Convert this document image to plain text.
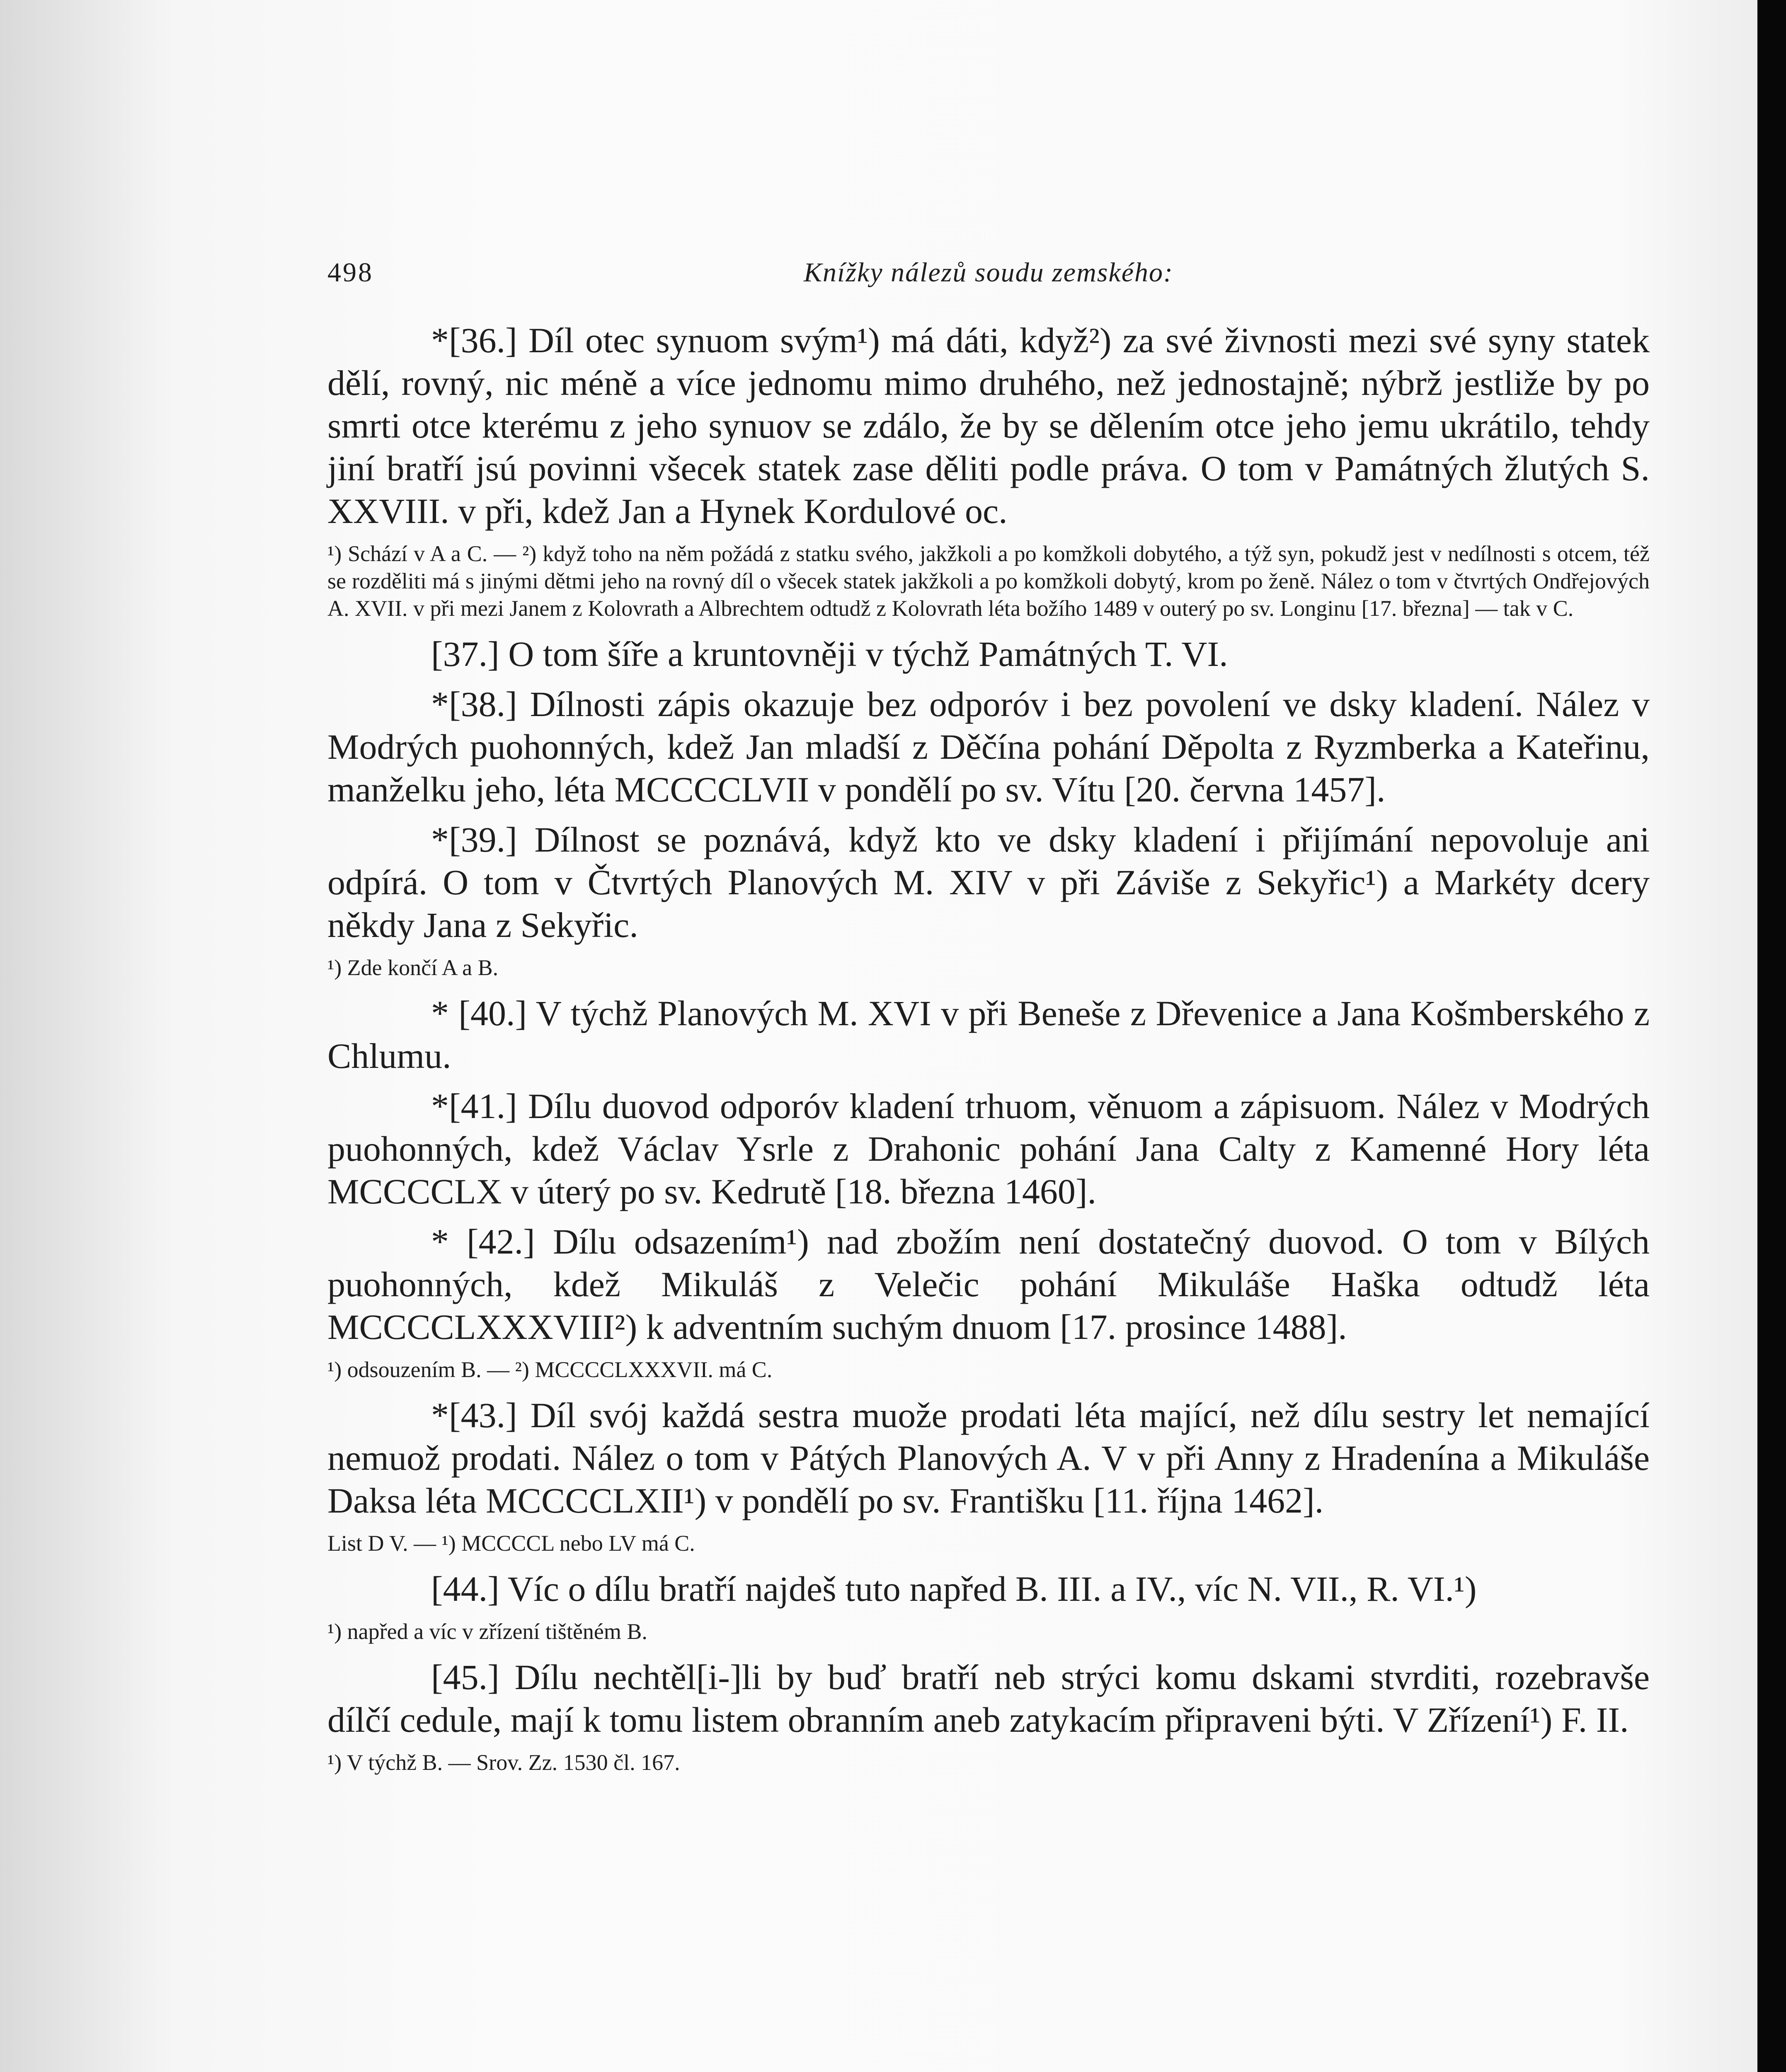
498	Knížky nálezů soudu zemského:

*[36.] Díl otec synuom svým¹) má dáti, když²) za své živnosti mezi své syny statek dělí, rovný, nic méně a více jednomu mimo druhého, než jednostajně; nýbrž jestliže by po smrti otce kterému z jeho synuov se zdálo, že by se dělením otce jeho jemu ukrátilo, tehdy jiní bratří jsú povinni všecek statek zase děliti podle práva. O tom v Památných žlutých S. XXVIII. v při, kdež Jan a Hynek Kordulové oc.

¹) Schází v A a C. — ²) když toho na něm požádá z statku svého, jakžkoli a po komžkoli dobytého, a týž syn, pokudž jest v nedílnosti s otcem, též se rozděliti má s jinými dětmi jeho na rovný díl o všecek statek jakžkoli a po komžkoli dobytý, krom po ženě. Nález o tom v čtvrtých Ondřejových A. XVII. v při mezi Janem z Kolovrath a Albrechtem odtudž z Kolovrath léta božího 1489 v outerý po sv. Longinu [17. března] — tak v C.

[37.] O tom šíře a kruntovněji v týchž Památných T. VI.

*[38.] Dílnosti zápis okazuje bez odporóv i bez povolení ve dsky kladení. Nález v Modrých puohonných, kdež Jan mladší z Děčína pohání Děpolta z Ryzmberka a Kateřinu, manželku jeho, léta MCCCCLVII v pondělí po sv. Vítu [20. června 1457].

*[39.] Dílnost se poznává, když kto ve dsky kladení i přijímání nepovoluje ani odpírá. O tom v Čtvrtých Planových M. XIV v při Záviše z Sekyřic¹) a Markéty dcery někdy Jana z Sekyřic.

¹) Zde končí A a B.

* [40.] V týchž Planových M. XVI v při Beneše z Dřevenice a Jana Košmberského z Chlumu.

*[41.] Dílu duovod odporóv kladení trhuom, věnuom a zápisuom. Nález v Modrých puohonných, kdež Václav Ysrle z Drahonic pohání Jana Calty z Kamenné Hory léta MCCCCLX v úterý po sv. Kedrutě [18. března 1460].

* [42.] Dílu odsazením¹) nad zbožím není dostatečný duovod. O tom v Bílých puohonných, kdež Mikuláš z Velečic pohání Mikuláše Haška odtudž léta MCCCCLXXXVIII²) k adventním suchým dnuom [17. prosince 1488].

¹) odsouzením B. — ²) MCCCCLXXXVII. má C.

*[43.] Díl svój každá sestra muože prodati léta mající, než dílu sestry let nemající nemuož prodati. Nález o tom v Pátých Planových A. V v při Anny z Hradenína a Mikuláše Daksa léta MCCCCLXII¹) v pondělí po sv. Františku [11. října 1462].

List D V. — ¹) MCCCCL nebo LV má C.

[44.] Víc o dílu bratří najdeš tuto napřed B. III. a IV., víc N. VII., R. VI.¹)

¹) napřed a víc v zřízení tištěném B.

[45.] Dílu nechtěl[i-]li by buď bratří neb strýci komu dskami stvrditi, rozebravše dílčí cedule, mají k tomu listem obranním aneb zatykacím připraveni býti. V Zřízení¹) F. II.

¹) V týchž B. — Srov. Zz. 1530 čl. 167.
